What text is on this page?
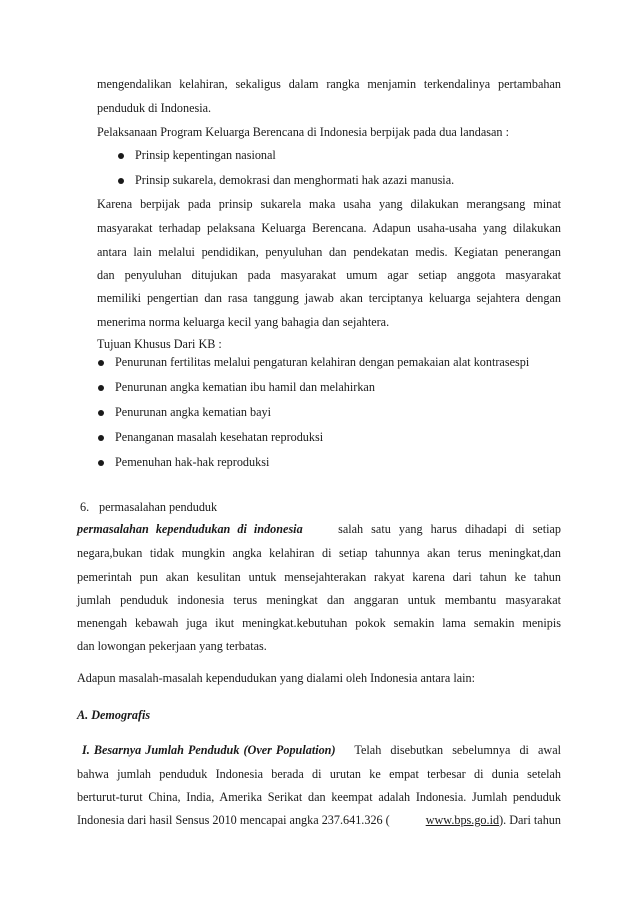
mengendalikan kelahiran, sekaligus dalam rangka menjamin terkendalinya pertambahan
penduduk di Indonesia.
Pelaksanaan Program Keluarga Berencana di Indonesia berpijak pada dua landasan :
Prinsip kepentingan nasional
Prinsip sukarela, demokrasi dan menghormati hak azazi manusia.
Karena berpijak pada prinsip sukarela maka usaha yang dilakukan merangsang minat
masyarakat terhadap pelaksana Keluarga Berencana. Adapun usaha-usaha yang dilakukan
antara lain melalui pendidikan, penyuluhan dan pendekatan medis. Kegiatan penerangan
dan penyuluhan ditujukan pada masyarakat umum agar setiap anggota masyarakat
memiliki pengertian dan rasa tanggung jawab akan terciptanya keluarga sejahtera dengan
menerima norma keluarga kecil yang bahagia dan sejahtera.
Tujuan Khusus Dari KB :
Penurunan fertilitas melalui pengaturan kelahiran dengan pemakaian alat kontrasespi
Penurunan angka kematian ibu hamil dan melahirkan
Penurunan angka kematian bayi
Penanganan masalah kesehatan reproduksi
Pemenuhan hak-hak reproduksi
6. permasalahan penduduk
permasalahan kependudukan di indonesia	salah satu yang harus dihadapi di setiap
negara,bukan tidak mungkin angka kelahiran di setiap tahunnya akan terus meningkat,dan
pemerintah pun akan kesulitan untuk mensejahterakan rakyat karena dari tahun ke tahun
jumlah penduduk indonesia terus meningkat dan anggaran untuk membantu masyarakat
menengah kebawah juga ikut meningkat.kebutuhan pokok semakin lama semakin menipis
dan lowongan pekerjaan yang terbatas.
Adapun masalah-masalah kependudukan yang dialami oleh Indonesia antara lain:
A. Demografis
I. Besarnya Jumlah Penduduk (Over Population) Telah disebutkan sebelumnya di awal
bahwa jumlah penduduk Indonesia berada di urutan ke empat terbesar di dunia setelah
berturut-turut China, India, Amerika Serikat dan keempat adalah Indonesia. Jumlah penduduk
Indonesia dari hasil Sensus 2010 mencapai angka 237.641.326 (	www.bps.go.id). Dari tahun
